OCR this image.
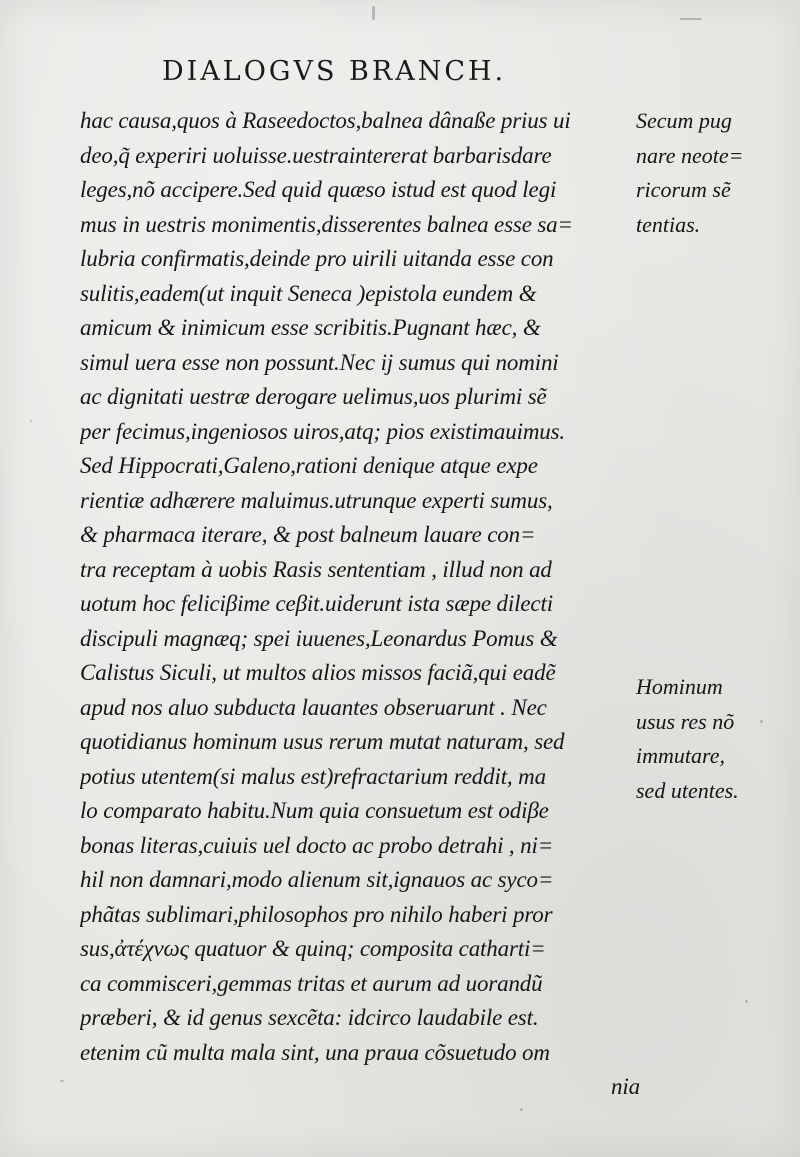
DIALOGVS BRANCH.
hac causa,quos à Raseedoctos,balnea dânaße prius ui
deo,q̃ experiri uoluisse.uestraintererat barbarisdare
leges,nõ accipere.Sed quid quæso istud est quod legi
mus in uestris monimentis,disserentes balnea esse sa=
lubria confirmatis,deinde pro uirili uitanda esse con
sulitis,eadem(ut inquit Seneca )epistola eundem &
amicum & inimicum esse scribitis.Pugnant hæc, &
simul uera esse non possunt.Nec ij sumus qui nomini
ac dignitati uestræ derogare uelimus,uos plurimi sẽ
per fecimus,ingeniosos uiros,atq; pios existimauimus.
Sed Hippocrati,Galeno,rationi denique atque expe
rientiæ adhærere maluimus.utrunque experti sumus,
& pharmaca iterare, & post balneum lauare con=
tra receptam à uobis Rasis sententiam , illud non ad
uotum hoc feliciβime ceβit.uiderunt ista sæpe dilecti
discipuli magnæq; spei iuuenes,Leonardus Pomus &
Calistus Siculi, ut multos alios missos faciã,qui eadẽ
apud nos aluo subducta lauantes obseruarunt . Nec
quotidianus hominum usus rerum mutat naturam, sed
potius utentem(si malus est)refractarium reddit, ma
lo comparato habitu.Num quia consuetum est odiβe
bonas literas,cuiuis uel docto ac probo detrahi , ni=
hil non damnari,modo alienum sit,ignauos ac syco=
phãtas sublimari,philosophos pro nihilo haberi pror
sus,ἀτέχνως quatuor & quinq; composita catharti=
ca commisceri,gemmas tritas et aurum ad uorandũ
præberi, & id genus sexcẽta: idcirco laudabile est.
etenim cũ multa mala sint, una praua cõsuetudo om
nia
Secum pug
nare neote=
ricorum sẽ
tentias.
Hominum
usus res nõ
immutare,
sed utentes.
